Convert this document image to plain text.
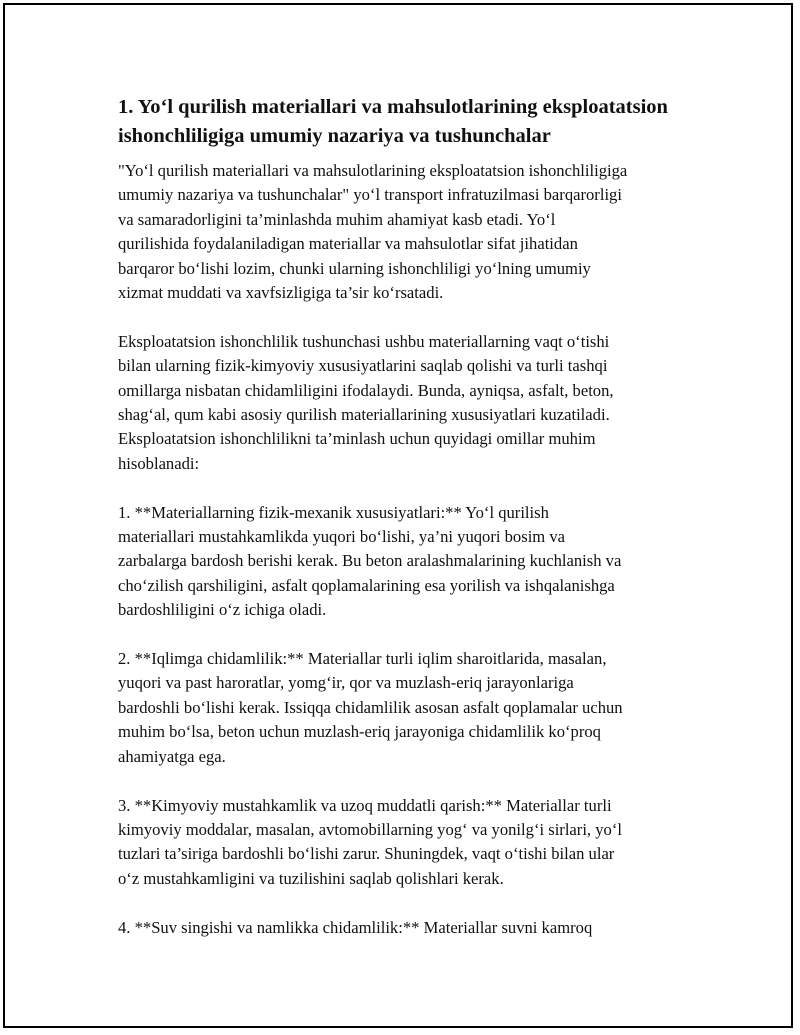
1. Yo‘l qurilish materiallari va mahsulotlarining eksploatatsion ishonchliligiga umumiy nazariya va tushunchalar

"Yo‘l qurilish materiallari va mahsulotlarining eksploatatsion ishonchliligiga
umumiy nazariya va tushunchalar" yo‘l transport infratuzilmasi barqarorligi
va samaradorligini ta’minlashda muhim ahamiyat kasb etadi. Yo‘l
qurilishida foydalaniladigan materiallar va mahsulotlar sifat jihatidan
barqaror bo‘lishi lozim, chunki ularning ishonchliligi yo‘lning umumiy
xizmat muddati va xavfsizligiga ta’sir ko‘rsatadi.

Eksploatatsion ishonchlilik tushunchasi ushbu materiallarning vaqt o‘tishi
bilan ularning fizik-kimyoviy xususiyatlarini saqlab qolishi va turli tashqi
omillarga nisbatan chidamliligini ifodalaydi. Bunda, ayniqsa, asfalt, beton,
shag‘al, qum kabi asosiy qurilish materiallarining xususiyatlari kuzatiladi.
Eksploatatsion ishonchlilikni ta’minlash uchun quyidagi omillar muhim
hisoblanadi:

1. **Materiallarning fizik-mexanik xususiyatlari:** Yo‘l qurilish
materiallari mustahkamlikda yuqori bo‘lishi, ya’ni yuqori bosim va
zarbalarga bardosh berishi kerak. Bu beton aralashmalarining kuchlanish va
cho‘zilish qarshiligini, asfalt qoplamalarining esa yorilish va ishqalanishga
bardoshliligini o‘z ichiga oladi.

2. **Iqlimga chidamlilik:** Materiallar turli iqlim sharoitlarida, masalan,
yuqori va past haroratlar, yomg‘ir, qor va muzlash-eriq jarayonlariga
bardoshli bo‘lishi kerak. Issiqqa chidamlilik asosan asfalt qoplamalar uchun
muhim bo‘lsa, beton uchun muzlash-eriq jarayoniga chidamlilik ko‘proq
ahamiyatga ega.

3. **Kimyoviy mustahkamlik va uzoq muddatli qarish:** Materiallar turli
kimyoviy moddalar, masalan, avtomobillarning yog‘ va yonilg‘i sirlari, yo‘l
tuzlari ta’siriga bardoshli bo‘lishi zarur. Shuningdek, vaqt o‘tishi bilan ular
o‘z mustahkamligini va tuzilishini saqlab qolishlari kerak.

4. **Suv singishi va namlikka chidamlilik:** Materiallar suvni kamroq
